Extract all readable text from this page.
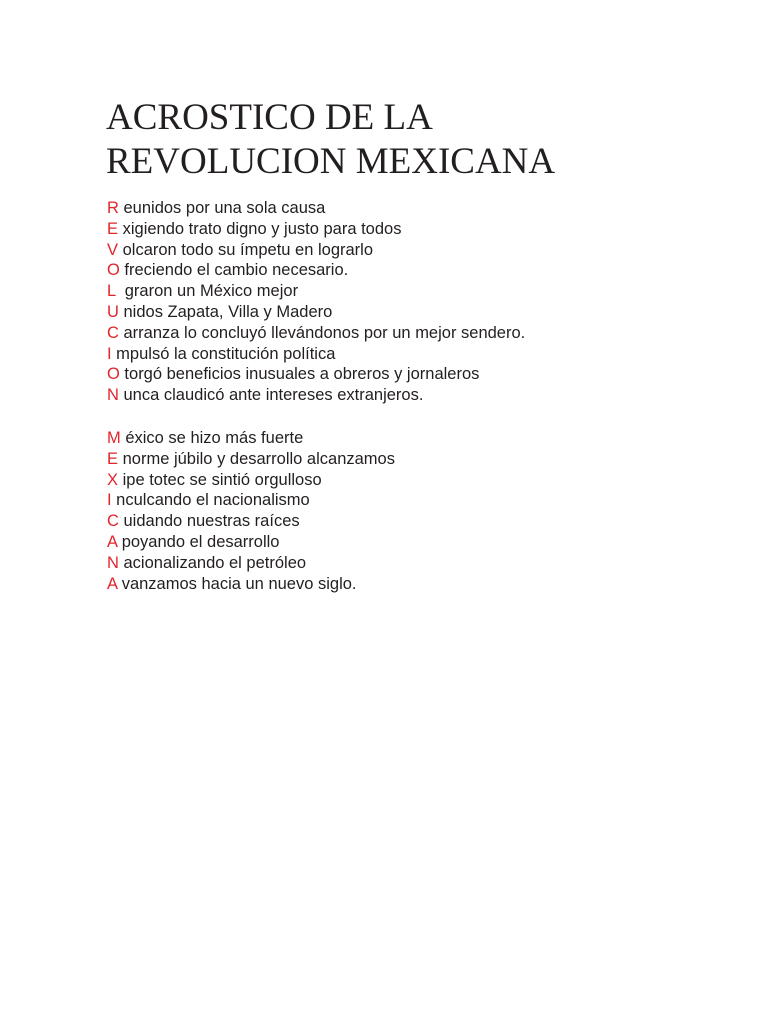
ACROSTICO DE LA
REVOLUCION MEXICANA
R eunidos por una sola causa
E xigiendo trato digno y justo para todos
V olcaron todo su ímpetu en lograrlo
O freciendo el cambio necesario.
L  graron un México mejor
U nidos Zapata, Villa y Madero
C arranza lo concluyó llevándonos por un mejor sendero.
I mpulsó la constitución política
O torgó beneficios inusuales a obreros y jornaleros
N unca claudicó ante intereses extranjeros.
M éxico se hizo más fuerte
E norme júbilo y desarrollo alcanzamos
X ipe totec se sintió orgulloso
I nculcando el nacionalismo
C uidando nuestras raíces
A poyando el desarrollo
N acionalizando el petróleo
A vanzamos hacia un nuevo siglo.
